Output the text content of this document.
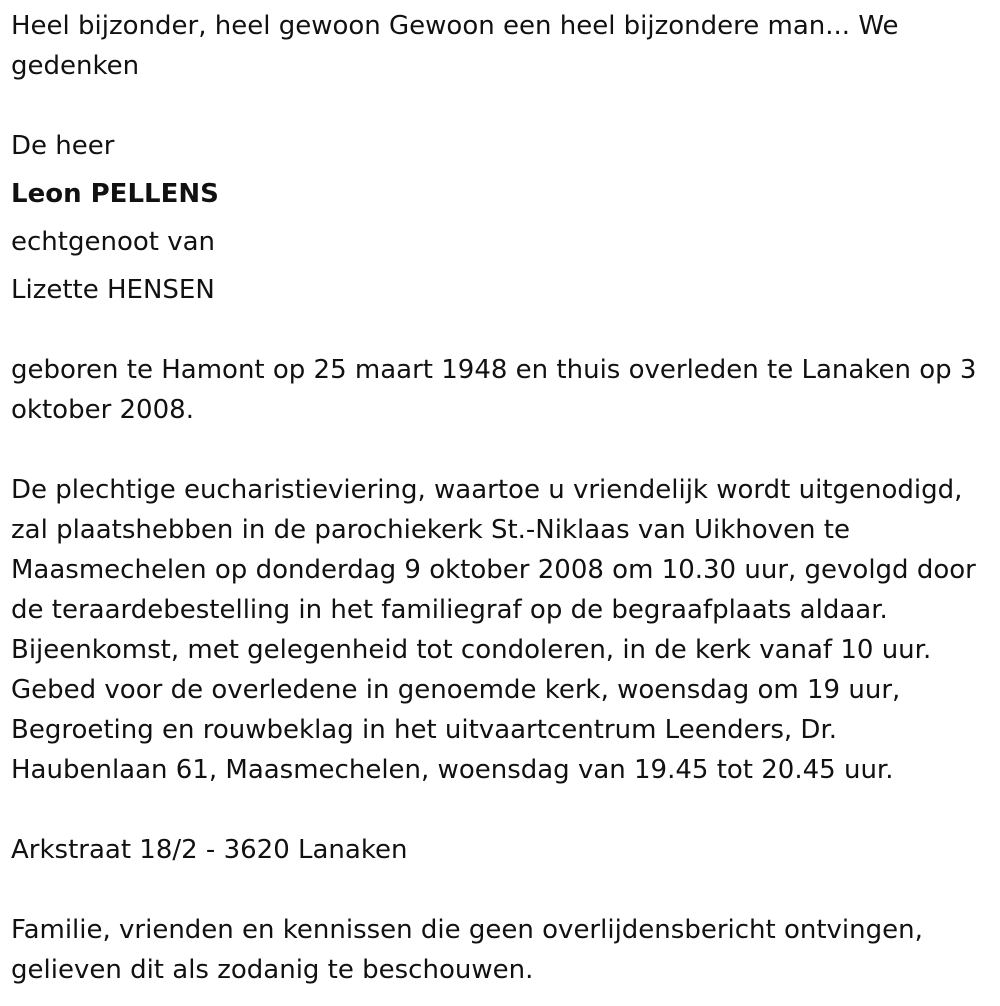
Heel bijzonder, heel gewoon Gewoon een heel bijzondere man... We gedenken

De heer

Leon PELLENS

echtgenoot van

Lizette HENSEN

geboren te Hamont op 25 maart 1948 en thuis overleden te Lanaken op 3 oktober 2008.

De plechtige eucharistieviering, waartoe u vriendelijk wordt uitgenodigd, zal plaatshebben in de parochiekerk St.-Niklaas van Uikhoven te Maasmechelen op donderdag 9 oktober 2008 om 10.30 uur, gevolgd door de teraardebestelling in het familiegraf op de begraafplaats aldaar. Bijeenkomst, met gelegenheid tot condoleren, in de kerk vanaf 10 uur. Gebed voor de overledene in genoemde kerk, woensdag om 19 uur, Begroeting en rouwbeklag in het uitvaartcentrum Leenders, Dr. Haubenlaan 61, Maasmechelen, woensdag van 19.45 tot 20.45 uur.

Arkstraat 18/2 - 3620 Lanaken

Familie, vrienden en kennissen die geen overlijdensbericht ontvingen, gelieven dit als zodanig te beschouwen.
